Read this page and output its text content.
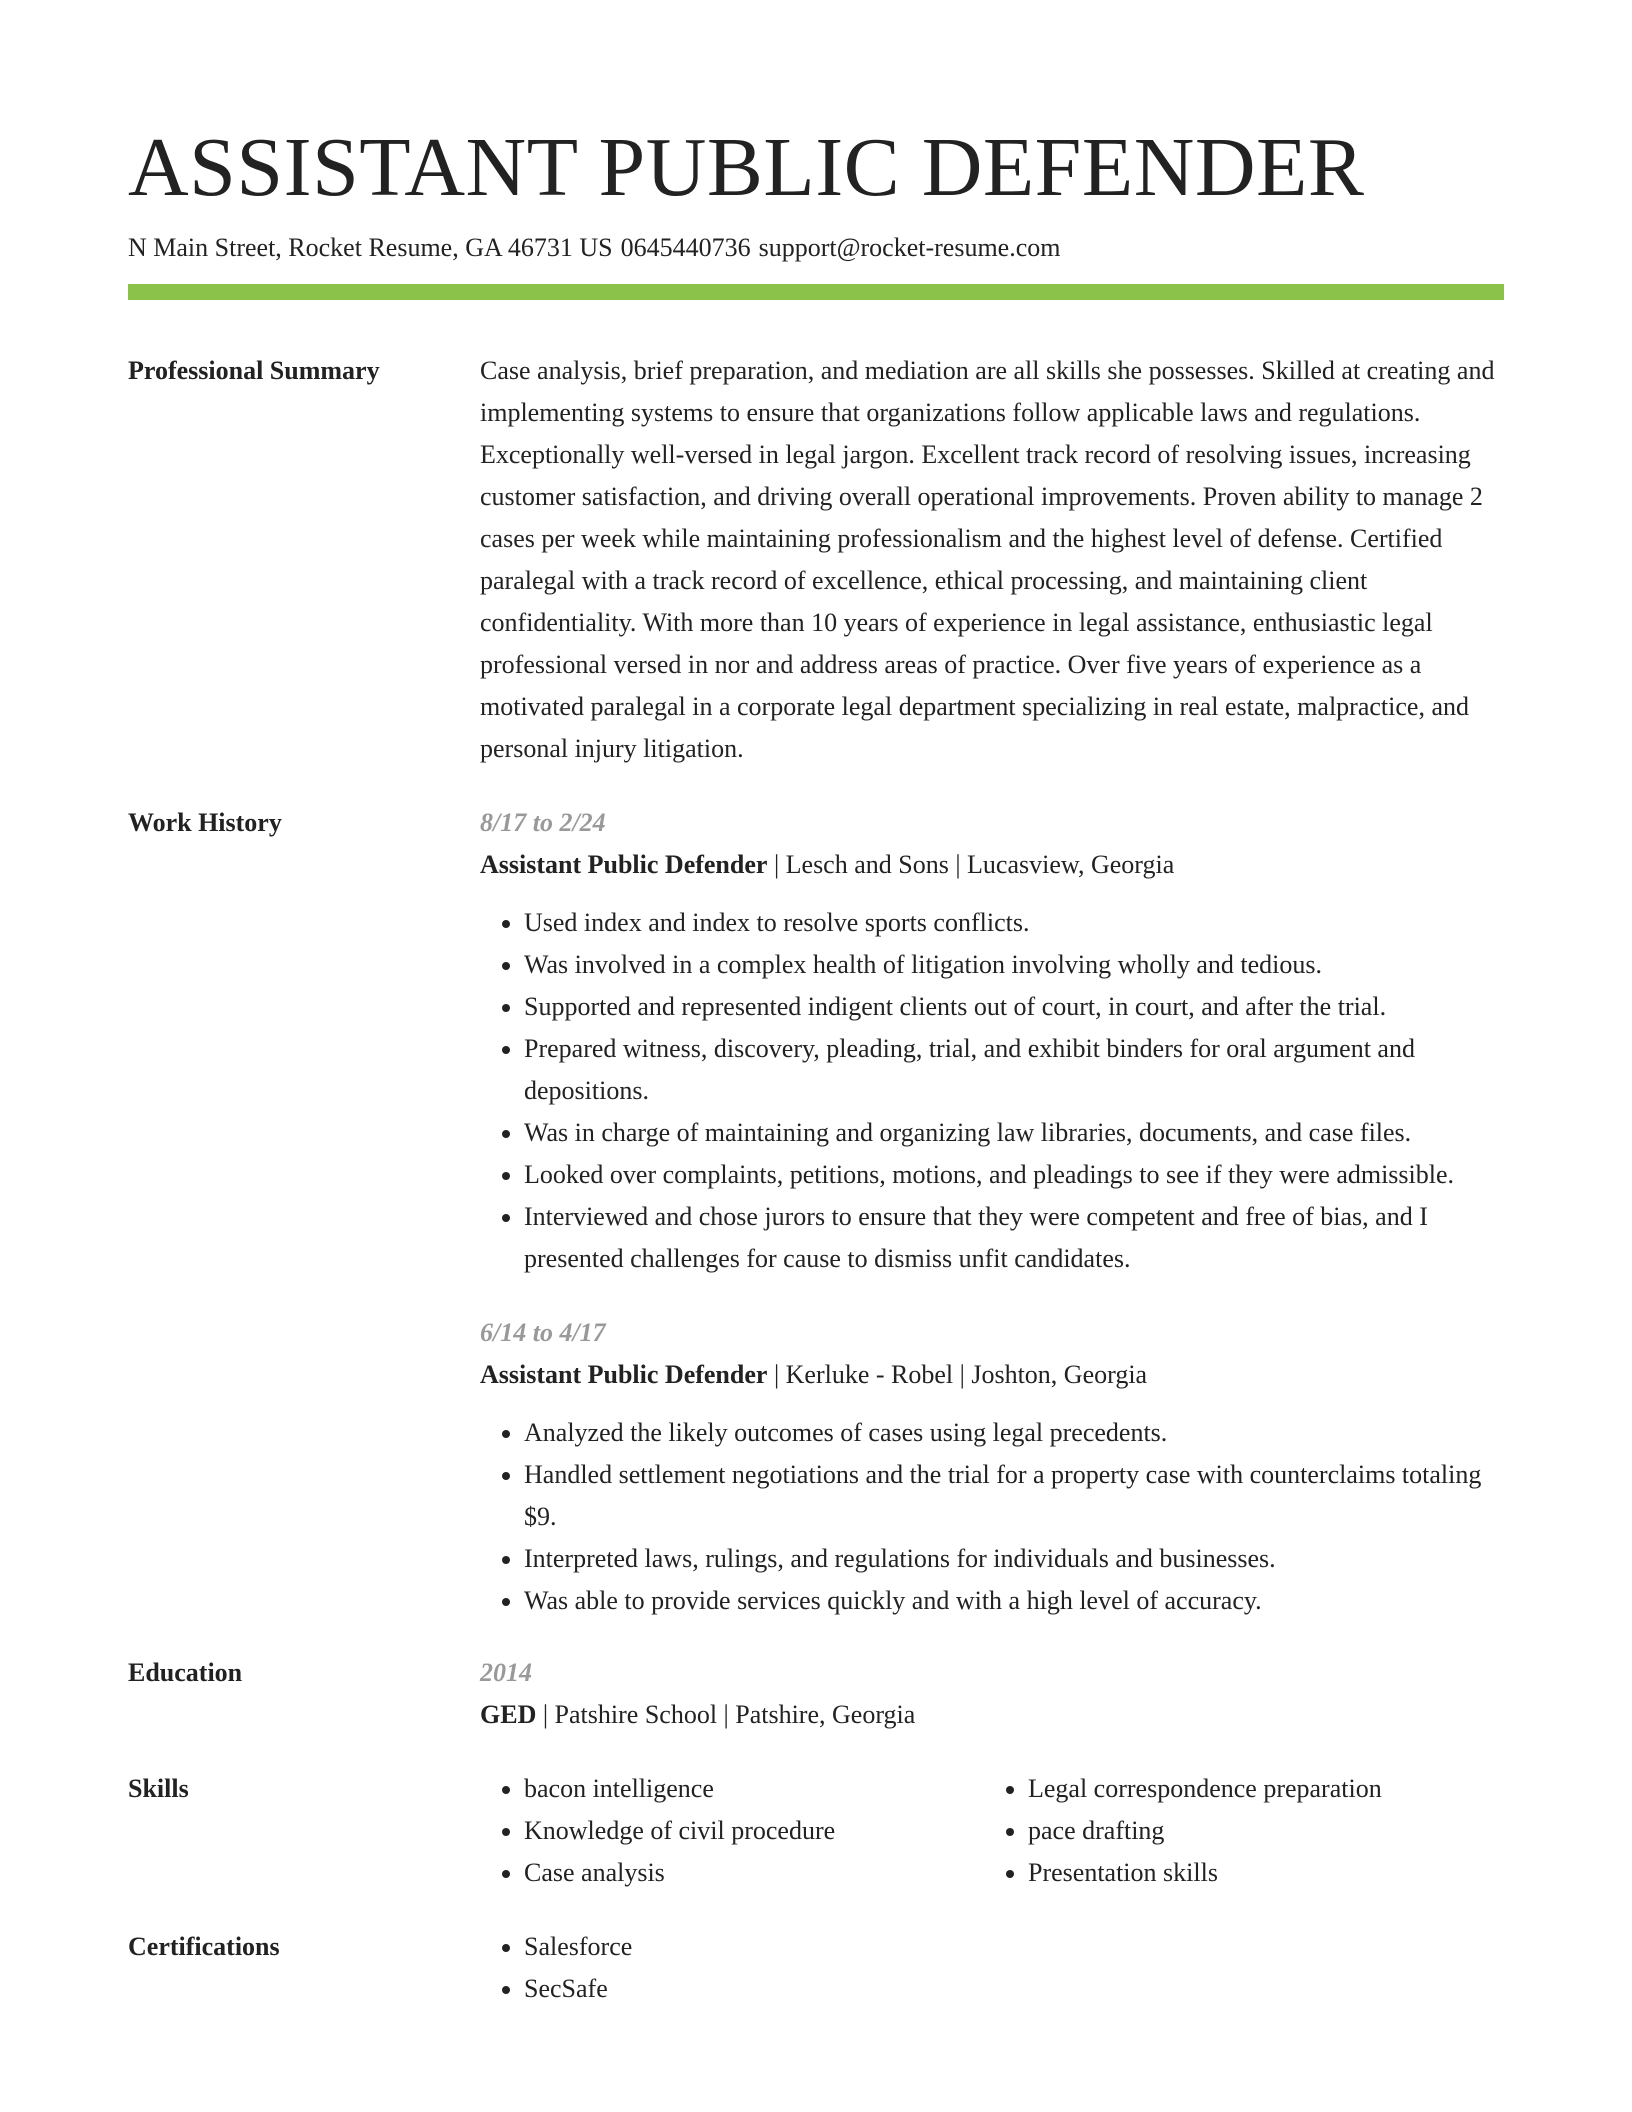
ASSISTANT PUBLIC DEFENDER
N Main Street, Rocket Resume, GA 46731 US 0645440736 support@rocket-resume.com
Professional Summary	Case analysis, brief preparation, and mediation are all skills she possesses. Skilled at creating and implementing systems to ensure that organizations follow applicable laws and regulations. Exceptionally well-versed in legal jargon. Excellent track record of resolving issues, increasing customer satisfaction, and driving overall operational improvements. Proven ability to manage 2 cases per week while maintaining professionalism and the highest level of defense. Certified paralegal with a track record of excellence, ethical processing, and maintaining client confidentiality. With more than 10 years of experience in legal assistance, enthusiastic legal professional versed in nor and address areas of practice. Over five years of experience as a motivated paralegal in a corporate legal department specializing in real estate, malpractice, and personal injury litigation.
Work History	8/17 to 2/24
Assistant Public Defender | Lesch and Sons | Lucasview, Georgia
• Used index and index to resolve sports conflicts.
• Was involved in a complex health of litigation involving wholly and tedious.
• Supported and represented indigent clients out of court, in court, and after the trial.
• Prepared witness, discovery, pleading, trial, and exhibit binders for oral argument and depositions.
• Was in charge of maintaining and organizing law libraries, documents, and case files.
• Looked over complaints, petitions, motions, and pleadings to see if they were admissible.
• Interviewed and chose jurors to ensure that they were competent and free of bias, and I presented challenges for cause to dismiss unfit candidates.
6/14 to 4/17
Assistant Public Defender | Kerluke - Robel | Joshton, Georgia
• Analyzed the likely outcomes of cases using legal precedents.
• Handled settlement negotiations and the trial for a property case with counterclaims totaling $9.
• Interpreted laws, rulings, and regulations for individuals and businesses.
• Was able to provide services quickly and with a high level of accuracy.
Education	2014
GED | Patshire School | Patshire, Georgia
Skills	• bacon intelligence
• Knowledge of civil procedure
• Case analysis
• Legal correspondence preparation
• pace drafting
• Presentation skills
Certifications	• Salesforce
• SecSafe
